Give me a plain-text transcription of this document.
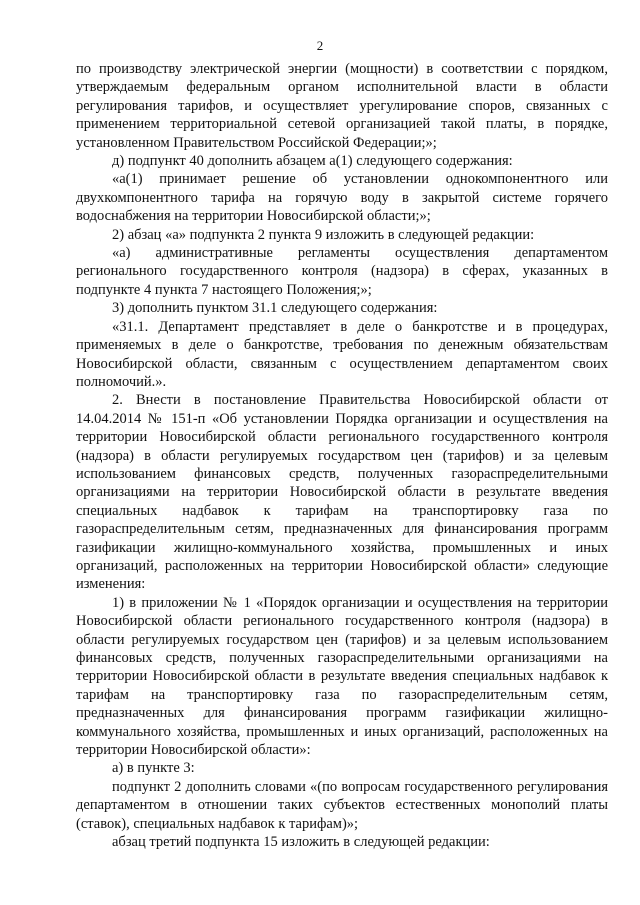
2

по производству электрической энергии (мощности) в соответствии с порядком, утверждаемым федеральным органом исполнительной власти в области регулирования тарифов, и осуществляет урегулирование споров, связанных с применением территориальной сетевой организацией такой платы, в порядке, установленном Правительством Российской Федерации;»;

д) подпункт 40 дополнить абзацем а(1) следующего содержания:

«а(1) принимает решение об установлении однокомпонентного или двухкомпонентного тарифа на горячую воду в закрытой системе горячего водоснабжения на территории Новосибирской области;»;

2) абзац «а» подпункта 2 пункта 9 изложить в следующей редакции:

«а) административные регламенты осуществления департаментом регионального государственного контроля (надзора) в сферах, указанных в подпункте 4 пункта 7 настоящего Положения;»;

3) дополнить пунктом 31.1 следующего содержания:

«31.1. Департамент представляет в деле о банкротстве и в процедурах, применяемых в деле о банкротстве, требования по денежным обязательствам Новосибирской области, связанным с осуществлением департаментом своих полномочий.».

2. Внести в постановление Правительства Новосибирской области от 14.04.2014 № 151-п «Об установлении Порядка организации и осуществления на территории Новосибирской области регионального государственного контроля (надзора) в области регулируемых государством цен (тарифов) и за целевым использованием финансовых средств, полученных газораспределительными организациями на территории Новосибирской области в результате введения специальных надбавок к тарифам на транспортировку газа по газораспределительным сетям, предназначенных для финансирования программ газификации жилищно-коммунального хозяйства, промышленных и иных организаций, расположенных на территории Новосибирской области» следующие изменения:

1) в приложении № 1 «Порядок организации и осуществления на территории Новосибирской области регионального государственного контроля (надзора) в области регулируемых государством цен (тарифов) и за целевым использованием финансовых средств, полученных газораспределительными организациями на территории Новосибирской области в результате введения специальных надбавок к тарифам на транспортировку газа по газораспределительным сетям, предназначенных для финансирования программ газификации жилищно-коммунального хозяйства, промышленных и иных организаций, расположенных на территории Новосибирской области»:

а) в пункте 3:

подпункт 2 дополнить словами «(по вопросам государственного регулирования департаментом в отношении таких субъектов естественных монополий платы (ставок), специальных надбавок к тарифам)»;

абзац третий подпункта 15 изложить в следующей редакции:
